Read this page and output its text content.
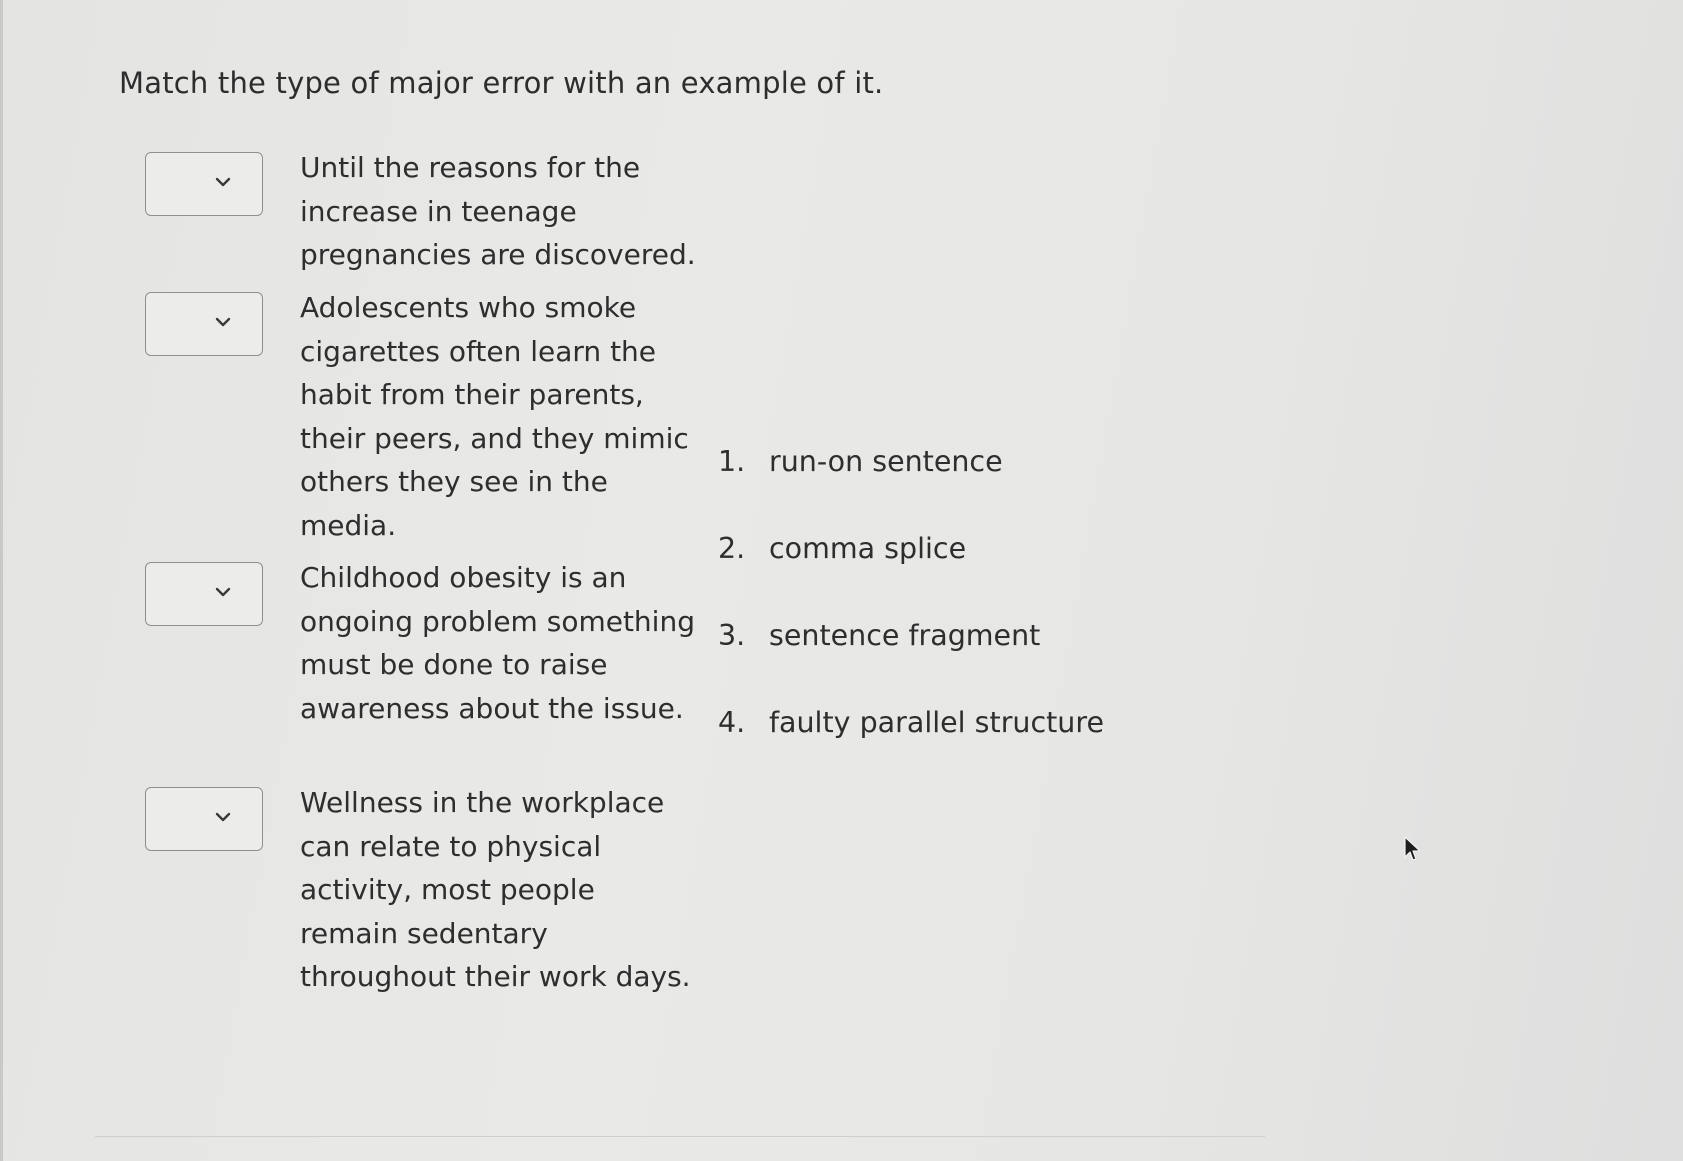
Match the type of major error with an example of it.
Until the reasons for the increase in teenage pregnancies are discovered.
Adolescents who smoke cigarettes often learn the habit from their parents, their peers, and they mimic others they see in the media.
Childhood obesity is an ongoing problem something must be done to raise awareness about the issue.
Wellness in the workplace can relate to physical activity, most people remain sedentary throughout their work days.
1. run-on sentence
2. comma splice
3. sentence fragment
4. faulty parallel structure
